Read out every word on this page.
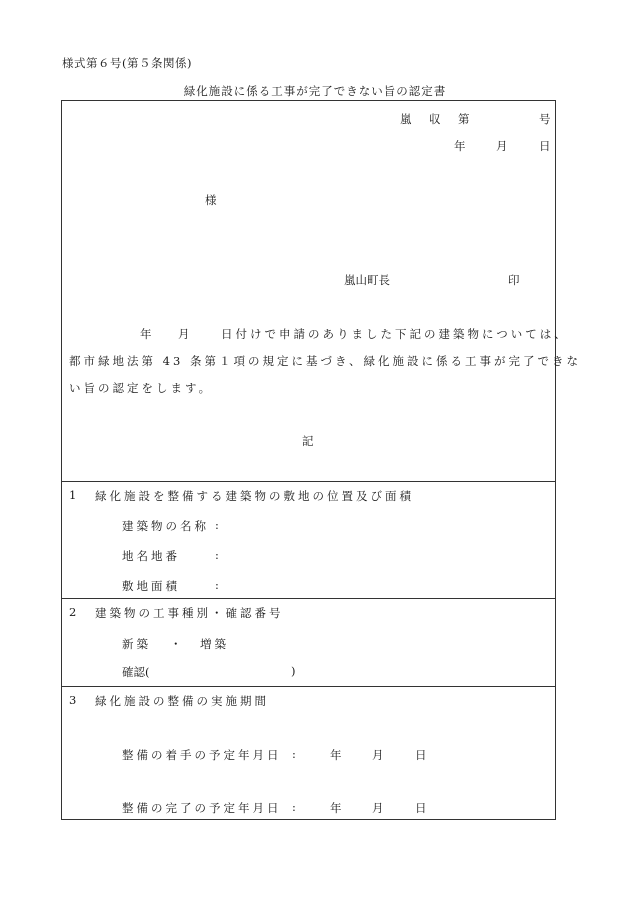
様式第６号(第５条関係)
緑化施設に係る工事が完了できない旨の認定書
嵐 収 第	号
年	月	日
様
嵐山町長	印
年 月	日付けで申請のありました下記の建築物については、
都市緑地法第 43 条第１項の規定に基づき、緑化施設に係る工事が完了できな
い旨の認定をします。
記
1 緑化施設を整備する建築物の敷地の位置及び面積
建築物の名称 :
地名地番	:
敷地面積	:
2 建築物の工事種別・確認番号
新築 ・ 増築
確認(	)
3 緑化施設の整備の実施期間
整備の着手の予定年月日 :	年	月	日
整備の完了の予定年月日 :	年	月	日
